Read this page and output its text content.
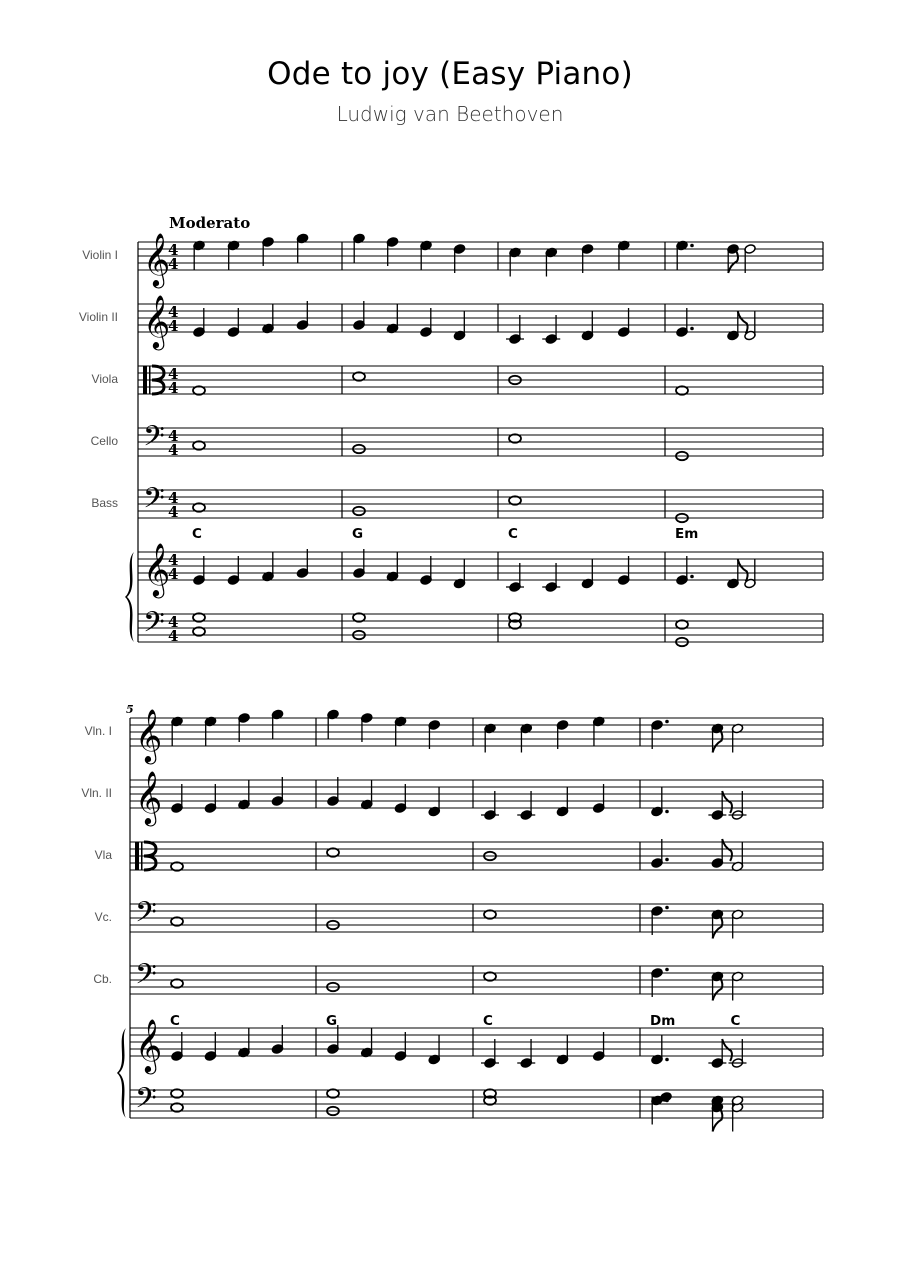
Ode to joy (Easy Piano)
Ludwig van Beethoven
Moderato
5
Violin I	4
4
Violin II	4
4
Viola	4
4
Cello	4
4
Bass	4
4
C	G	C	Em
4
4
4
4
𝄞
𝄞
𝄢
𝄢
𝄞
𝄢
Vln. I
Vln. II
Vla
Vc.
Cb.
C	G	C	Dm	C
𝄞
𝄞
𝄢
𝄢
𝄞
𝄢
